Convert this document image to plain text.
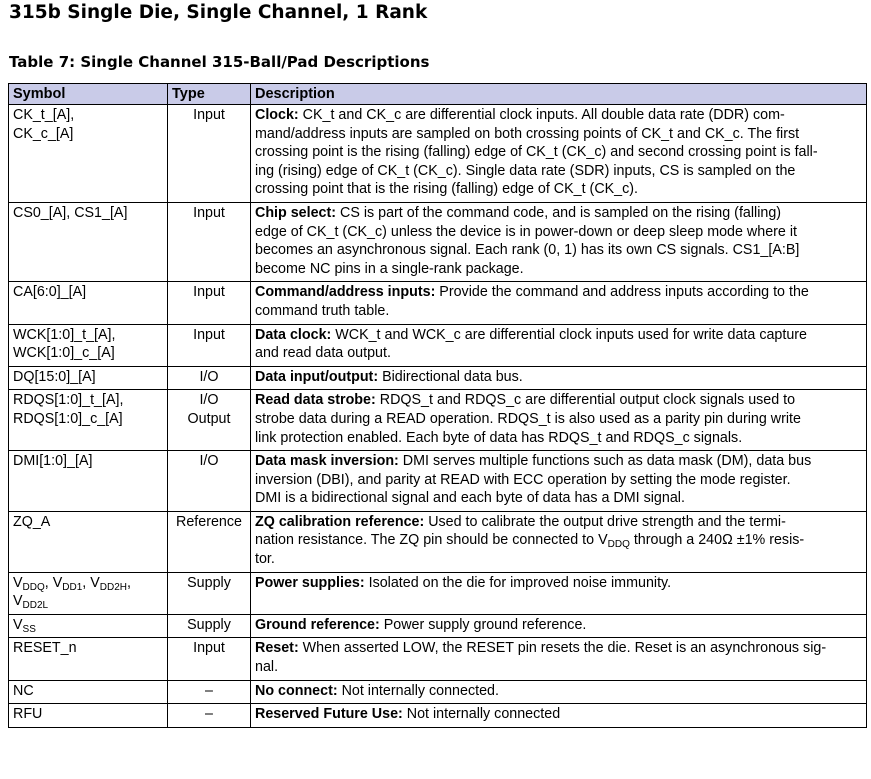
315b Single Die, Single Channel, 1 Rank
Table 7: Single Channel 315-Ball/Pad Descriptions
Symbol	Type	Description

CK_t_[A],
CK_c_[A]	Input	Clock: CK_t and CK_c are differential clock inputs. All double data rate (DDR) com-
mand/address inputs are sampled on both crossing points of CK_t and CK_c. The first
crossing point is the rising (falling) edge of CK_t (CK_c) and second crossing point is fall-
ing (rising) edge of CK_t (CK_c). Single data rate (SDR) inputs, CS is sampled on the
crossing point that is the rising (falling) edge of CK_t (CK_c).

CS0_[A], CS1_[A]	Input	Chip select: CS is part of the command code, and is sampled on the rising (falling)
edge of CK_t (CK_c) unless the device is in power-down or deep sleep mode where it
becomes an asynchronous signal. Each rank (0, 1) has its own CS signals. CS1_[A:B]
become NC pins in a single-rank package.

CA[6:0]_[A]	Input	Command/address inputs: Provide the command and address inputs according to the
command truth table.

WCK[1:0]_t_[A],
WCK[1:0]_c_[A]	Input	Data clock: WCK_t and WCK_c are differential clock inputs used for write data capture
and read data output.

DQ[15:0]_[A]	I/O	Data input/output: Bidirectional data bus.

RDQS[1:0]_t_[A],
RDQS[1:0]_c_[A]	I/O
Output	Read data strobe: RDQS_t and RDQS_c are differential output clock signals used to
strobe data during a READ operation. RDQS_t is also used as a parity pin during write
link protection enabled. Each byte of data has RDQS_t and RDQS_c signals.

DMI[1:0]_[A]	I/O	Data mask inversion: DMI serves multiple functions such as data mask (DM), data bus
inversion (DBI), and parity at READ with ECC operation by setting the mode register.
DMI is a bidirectional signal and each byte of data has a DMI signal.

ZQ_A	Reference	ZQ calibration reference: Used to calibrate the output drive strength and the termi-
nation resistance. The ZQ pin should be connected to $V_{DDQ}$ through a 240Ω ±1% resis-
tor.

$V_{DDQ}$, $V_{DD1}$, $V_{DD2H}$,
$V_{DD2L}$	Supply	Power supplies: Isolated on the die for improved noise immunity.

$V_{SS}$	Supply	Ground reference: Power supply ground reference.

RESET_n	Input	Reset: When asserted LOW, the RESET pin resets the die. Reset is an asynchronous sig-
nal.

NC	–	No connect: Not internally connected.

RFU	–	Reserved Future Use: Not internally connected
